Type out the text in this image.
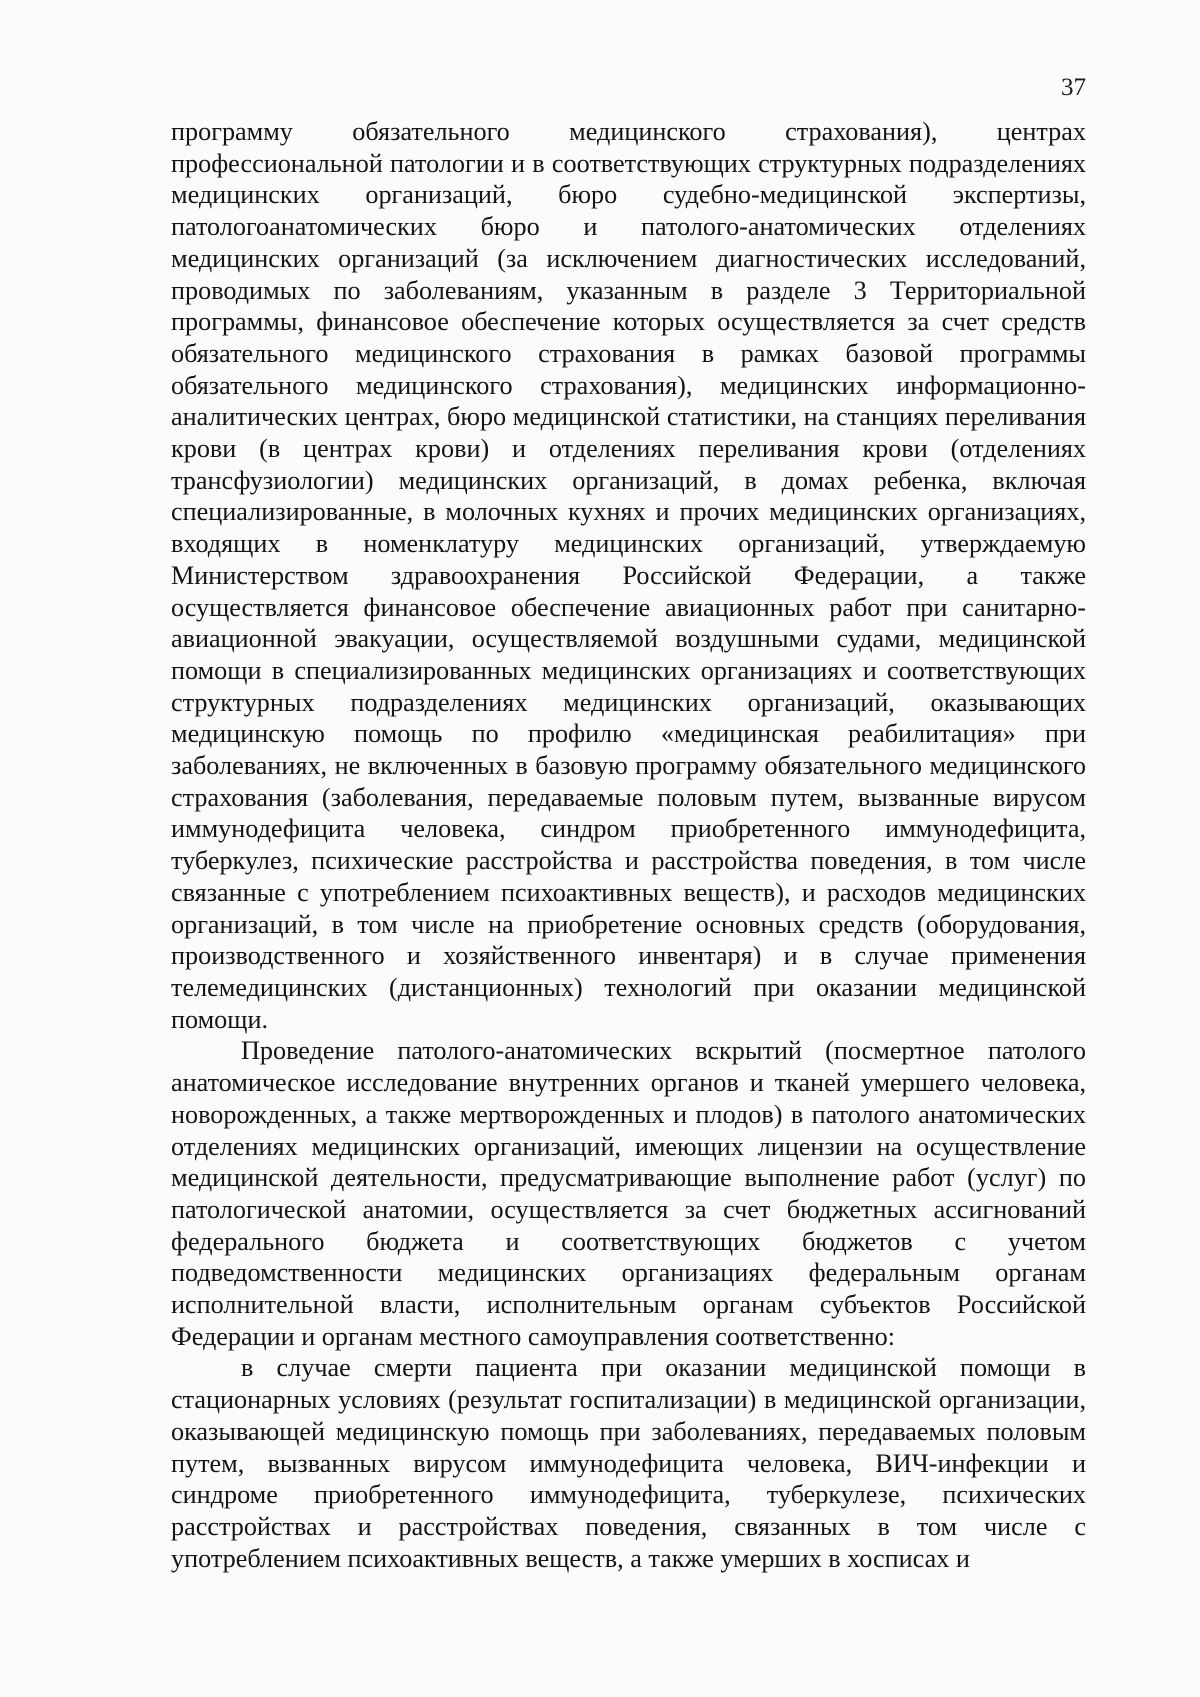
37

программу обязательного медицинского страхования), центрах профессиональной патологии и в соответствующих структурных подразделениях медицинских организаций, бюро судебно-медицинской экспертизы, патологоанатомических бюро и патолого-анатомических отделениях медицинских организаций (за исключением диагностических исследований, проводимых по заболеваниям, указанным в разделе 3 Территориальной программы, финансовое обеспечение которых осуществляется за счет средств обязательного медицинского страхования в рамках базовой программы обязательного медицинского страхования), медицинских информационно-аналитических центрах, бюро медицинской статистики, на станциях переливания крови (в центрах крови) и отделениях переливания крови (отделениях трансфузиологии) медицинских организаций, в домах ребенка, включая специализированные, в молочных кухнях и прочих медицинских организациях, входящих в номенклатуру медицинских организаций, утверждаемую Министерством здравоохранения Российской Федерации, а также осуществляется финансовое обеспечение авиационных работ при санитарно-авиационной эвакуации, осуществляемой воздушными судами, медицинской помощи в специализированных медицинских организациях и соответствующих структурных подразделениях медицинских организаций, оказывающих медицинскую помощь по профилю «медицинская реабилитация» при заболеваниях, не включенных в базовую программу обязательного медицинского страхования (заболевания, передаваемые половым путем, вызванные вирусом иммунодефицита человека, синдром приобретенного иммунодефицита, туберкулез, психические расстройства и расстройства поведения, в том числе связанные с употреблением психоактивных веществ), и расходов медицинских организаций, в том числе на приобретение основных средств (оборудования, производственного и хозяйственного инвентаря) и в случае применения телемедицинских (дистанционных) технологий при оказании медицинской помощи.

Проведение патолого-анатомических вскрытий (посмертное патолого анатомическое исследование внутренних органов и тканей умершего человека, новорожденных, а также мертворожденных и плодов) в патолого анатомических отделениях медицинских организаций, имеющих лицензии на осуществление медицинской деятельности, предусматривающие выполнение работ (услуг) по патологической анатомии, осуществляется за счет бюджетных ассигнований федерального бюджета и соответствующих бюджетов с учетом подведомственности медицинских организациях федеральным органам исполнительной власти, исполнительным органам субъектов Российской Федерации и органам местного самоуправления соответственно:

в случае смерти пациента при оказании медицинской помощи в стационарных условиях (результат госпитализации) в медицинской организации, оказывающей медицинскую помощь при заболеваниях, передаваемых половым путем, вызванных вирусом иммунодефицита человека, ВИЧ-инфекции и синдроме приобретенного иммунодефицита, туберкулезе, психических расстройствах и расстройствах поведения, связанных в том числе с употреблением психоактивных веществ, а также умерших в хосписах и
